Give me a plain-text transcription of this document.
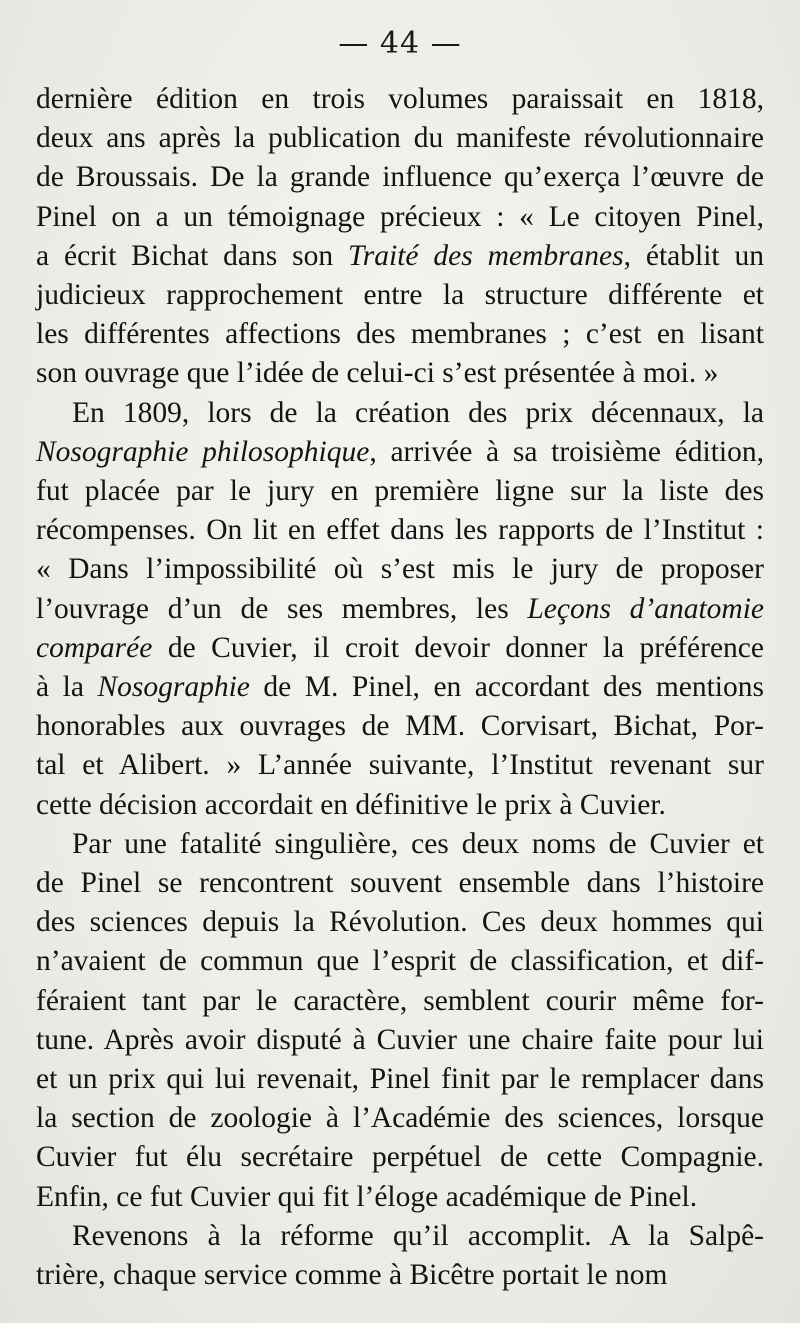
— 44 —
dernière édition en trois volumes paraissait en 1818,
deux ans après la publication du manifeste révolutionnaire
de Broussais. De la grande influence qu’exerça l’œuvre de
Pinel on a un témoignage précieux : « Le citoyen Pinel,
a écrit Bichat dans son Traité des membranes, établit un
judicieux rapprochement entre la structure différente et
les différentes affections des membranes ; c’est en lisant
son ouvrage que l’idée de celui-ci s’est présentée à moi. »
En 1809, lors de la création des prix décennaux, la
Nosographie philosophique, arrivée à sa troisième édition,
fut placée par le jury en première ligne sur la liste des
récompenses. On lit en effet dans les rapports de l’Institut :
« Dans l’impossibilité où s’est mis le jury de proposer
l’ouvrage d’un de ses membres, les Leçons d’anatomie
comparée de Cuvier, il croit devoir donner la préférence
à la Nosographie de M. Pinel, en accordant des mentions
honorables aux ouvrages de MM. Corvisart, Bichat, Por-
tal et Alibert. » L’année suivante, l’Institut revenant sur
cette décision accordait en définitive le prix à Cuvier.
Par une fatalité singulière, ces deux noms de Cuvier et
de Pinel se rencontrent souvent ensemble dans l’histoire
des sciences depuis la Révolution. Ces deux hommes qui
n’avaient de commun que l’esprit de classification, et dif-
féraient tant par le caractère, semblent courir même for-
tune. Après avoir disputé à Cuvier une chaire faite pour lui
et un prix qui lui revenait, Pinel finit par le remplacer dans
la section de zoologie à l’Académie des sciences, lorsque
Cuvier fut élu secrétaire perpétuel de cette Compagnie.
Enfin, ce fut Cuvier qui fit l’éloge académique de Pinel.
Revenons à la réforme qu’il accomplit. A la Salpê-
trière, chaque service comme à Bicêtre portait le nom
